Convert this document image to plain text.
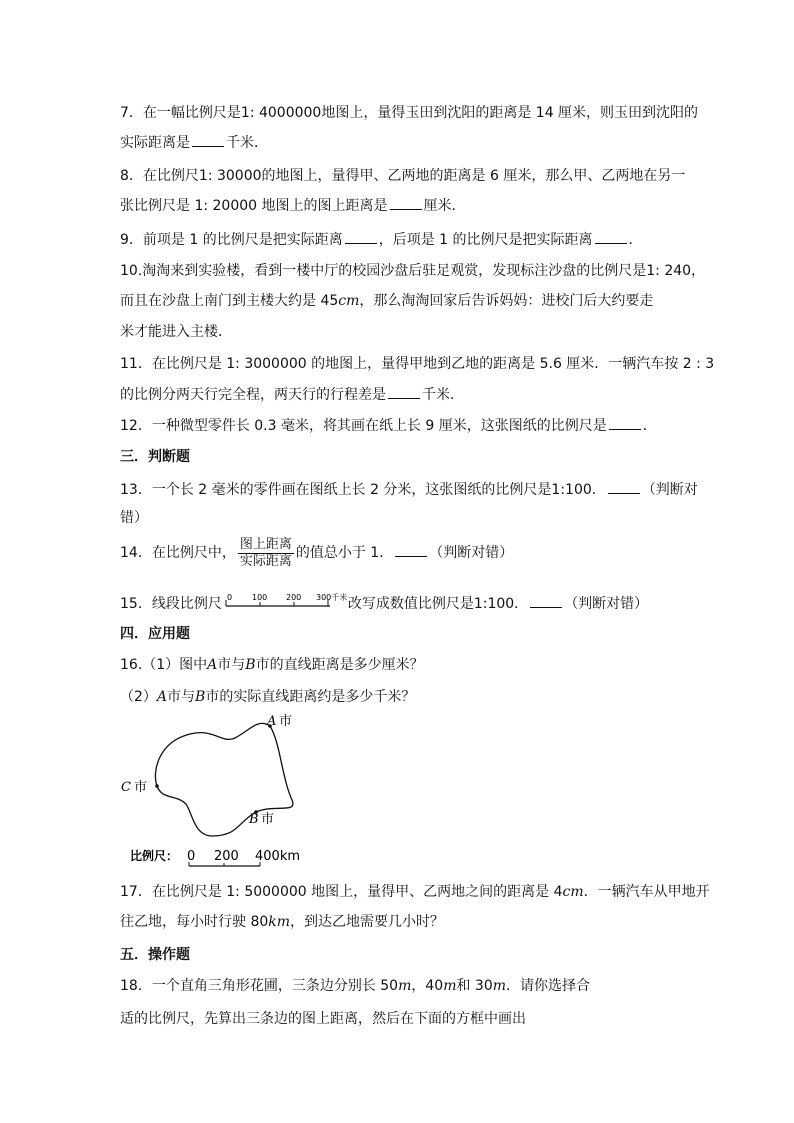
7．在一幅比例尺是1: 4000000地图上，量得玉田到沈阳的距离是 14 厘米，则玉田到沈阳的
实际距离是	千米．
8．在比例尺1: 30000的地图上，量得甲、乙两地的距离是 6 厘米，那么甲、乙两地在另一
张比例尺是 1: 20000 地图上的图上距离是	厘米．
9．前项是 1 的比例尺是把实际距离	，后项是 1 的比例尺是把实际距离	．
10.淘淘来到实验楼，看到一楼中厅的校园沙盘后驻足观赏，发现标注沙盘的比例尺是1: 240，
而且在沙盘上南门到主楼大约是 45cm，那么淘淘回家后告诉妈妈：进校门后大约要走
米才能进入主楼．
11．在比例尺是 1: 3000000 的地图上，量得甲地到乙地的距离是 5.6 厘米．一辆汽车按 2 : 3
的比例分两天行完全程，两天行的行程差是	千米．
12．一种微型零件长 0.3 毫米，将其画在纸上长 9 厘米，这张图纸的比例尺是	．
三．判断题
13．一个长 2 毫米的零件画在图纸上长 2 分米，这张图纸的比例尺是1:100．	（判断对
错）
14．在比例尺中， $\frac{\text{图上距离}}{\text{实际距离}}$ 的值总小于 1．	（判断对错）
15．线段比例尺 0 100 200 300千米 改写成数值比例尺是1:100．	（判断对错）
四．应用题
16.（1）图中A市与B市的直线距离是多少厘米？
（2）A市与B市的实际直线距离约是多少千米？
A 市
B 市
C 市
比例尺： 0 200 400km
17．在比例尺是 1: 5000000 地图上，量得甲、乙两地之间的距离是 4cm．一辆汽车从甲地开
往乙地，每小时行驶 80km，到达乙地需要几小时？
五．操作题
18．一个直角三角形花圃，三条边分别长 50m，40m和 30m．请你选择合
适的比例尺，先算出三条边的图上距离，然后在下面的方框中画出
